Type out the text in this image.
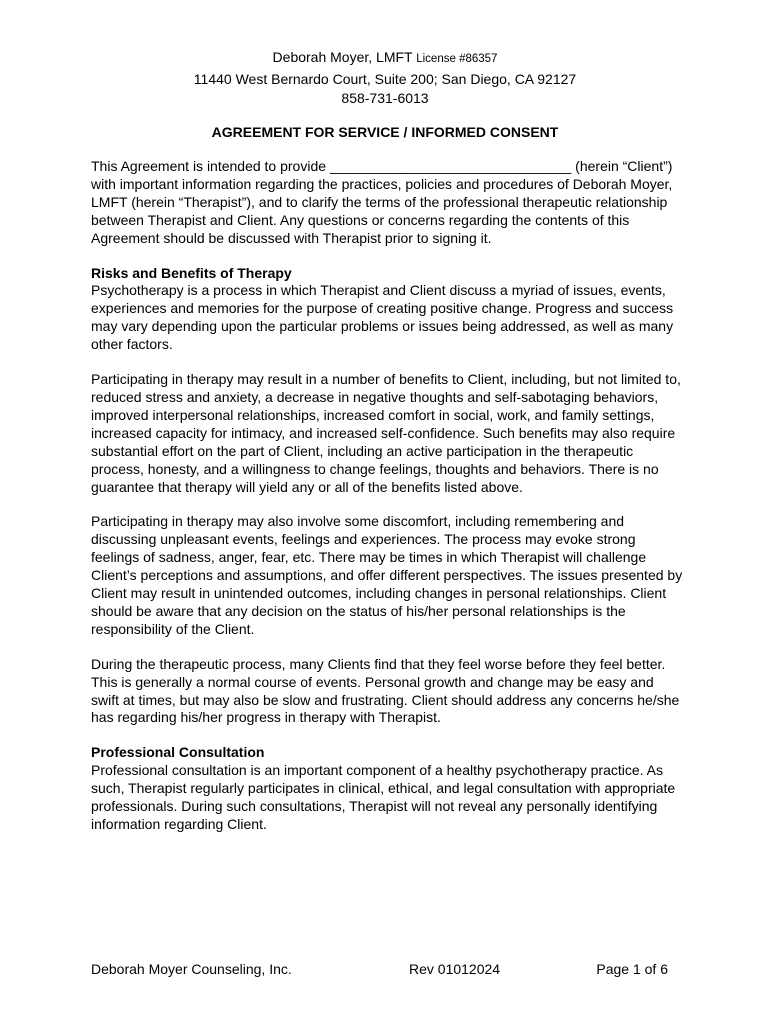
Deborah Moyer, LMFT License #86357
11440 West Bernardo Court, Suite 200; San Diego, CA 92127
858-731-6013
AGREEMENT FOR SERVICE / INFORMED CONSENT

This Agreement is intended to provide _______________________________ (herein “Client”) with important information regarding the practices, policies and procedures of Deborah Moyer, LMFT (herein “Therapist”), and to clarify the terms of the professional therapeutic relationship between Therapist and Client. Any questions or concerns regarding the contents of this Agreement should be discussed with Therapist prior to signing it.

Risks and Benefits of Therapy

Psychotherapy is a process in which Therapist and Client discuss a myriad of issues, events, experiences and memories for the purpose of creating positive change. Progress and success may vary depending upon the particular problems or issues being addressed, as well as many other factors.

Participating in therapy may result in a number of benefits to Client, including, but not limited to, reduced stress and anxiety, a decrease in negative thoughts and self-sabotaging behaviors, improved interpersonal relationships, increased comfort in social, work, and family settings, increased capacity for intimacy, and increased self-confidence. Such benefits may also require substantial effort on the part of Client, including an active participation in the therapeutic process, honesty, and a willingness to change feelings, thoughts and behaviors. There is no guarantee that therapy will yield any or all of the benefits listed above.

Participating in therapy may also involve some discomfort, including remembering and discussing unpleasant events, feelings and experiences. The process may evoke strong feelings of sadness, anger, fear, etc. There may be times in which Therapist will challenge Client’s perceptions and assumptions, and offer different perspectives. The issues presented by Client may result in unintended outcomes, including changes in personal relationships. Client should be aware that any decision on the status of his/her personal relationships is the responsibility of the Client.

During the therapeutic process, many Clients find that they feel worse before they feel better. This is generally a normal course of events. Personal growth and change may be easy and swift at times, but may also be slow and frustrating. Client should address any concerns he/she has regarding his/her progress in therapy with Therapist.

Professional Consultation

Professional consultation is an important component of a healthy psychotherapy practice. As such, Therapist regularly participates in clinical, ethical, and legal consultation with appropriate professionals. During such consultations, Therapist will not reveal any personally identifying information regarding Client.

Deborah Moyer Counseling, Inc.	Rev 01012024	Page 1 of 6
